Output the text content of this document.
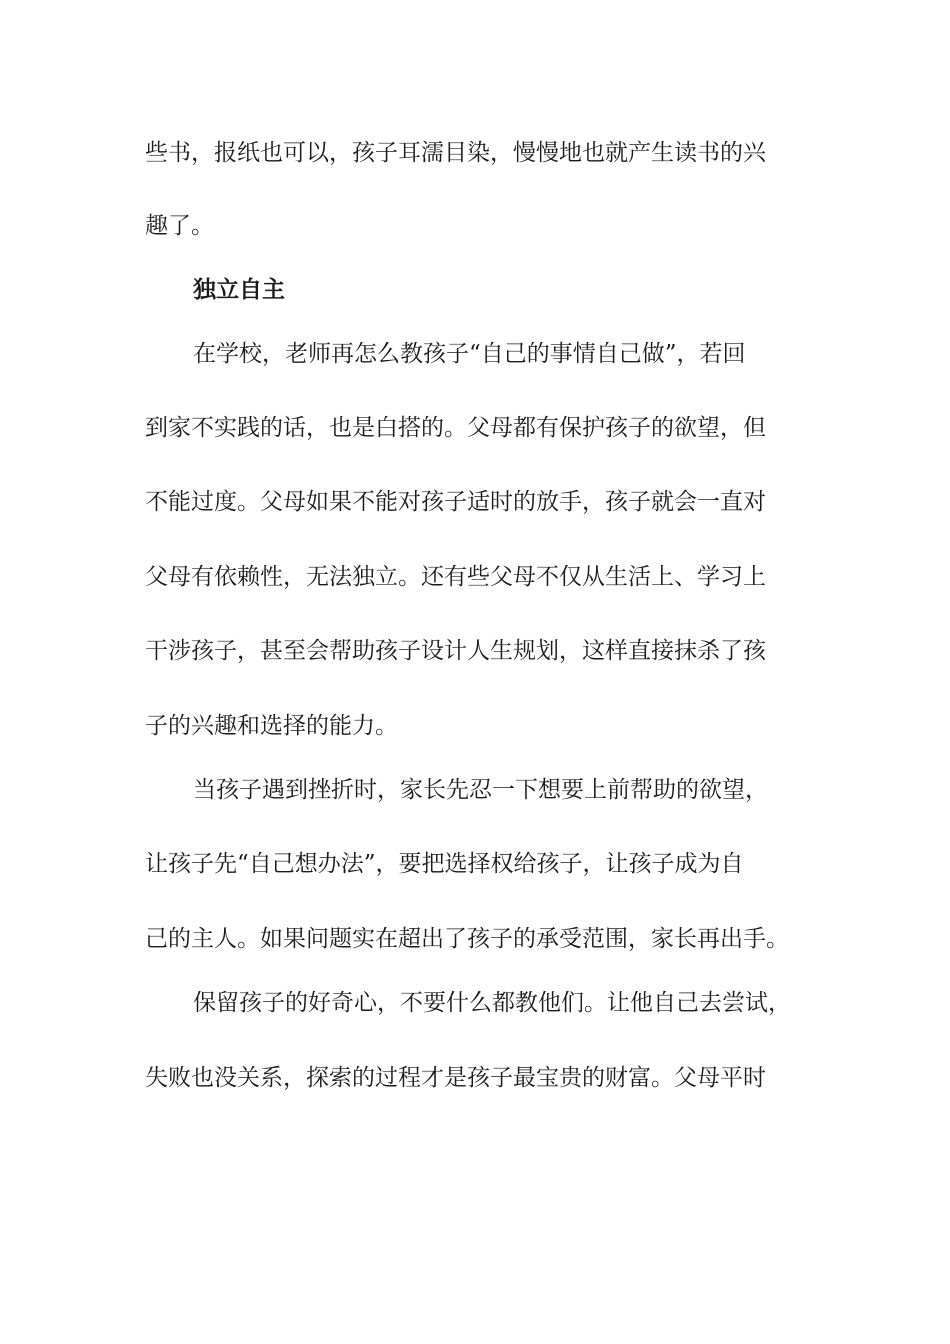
些书，报纸也可以，孩子耳濡目染，慢慢地也就产生读书的兴
趣了。
独立自主
在学校，老师再怎么教孩子“自己的事情自己做”，若回
到家不实践的话，也是白搭的。父母都有保护孩子的欲望，但
不能过度。父母如果不能对孩子适时的放手，孩子就会一直对
父母有依赖性，无法独立。还有些父母不仅从生活上、学习上
干涉孩子，甚至会帮助孩子设计人生规划，这样直接抹杀了孩
子的兴趣和选择的能力。
当孩子遇到挫折时，家长先忍一下想要上前帮助的欲望，
让孩子先“自己想办法”，要把选择权给孩子，让孩子成为自
己的主人。如果问题实在超出了孩子的承受范围，家长再出手。
保留孩子的好奇心，不要什么都教他们。让他自己去尝试，
失败也没关系，探索的过程才是孩子最宝贵的财富。父母平时
